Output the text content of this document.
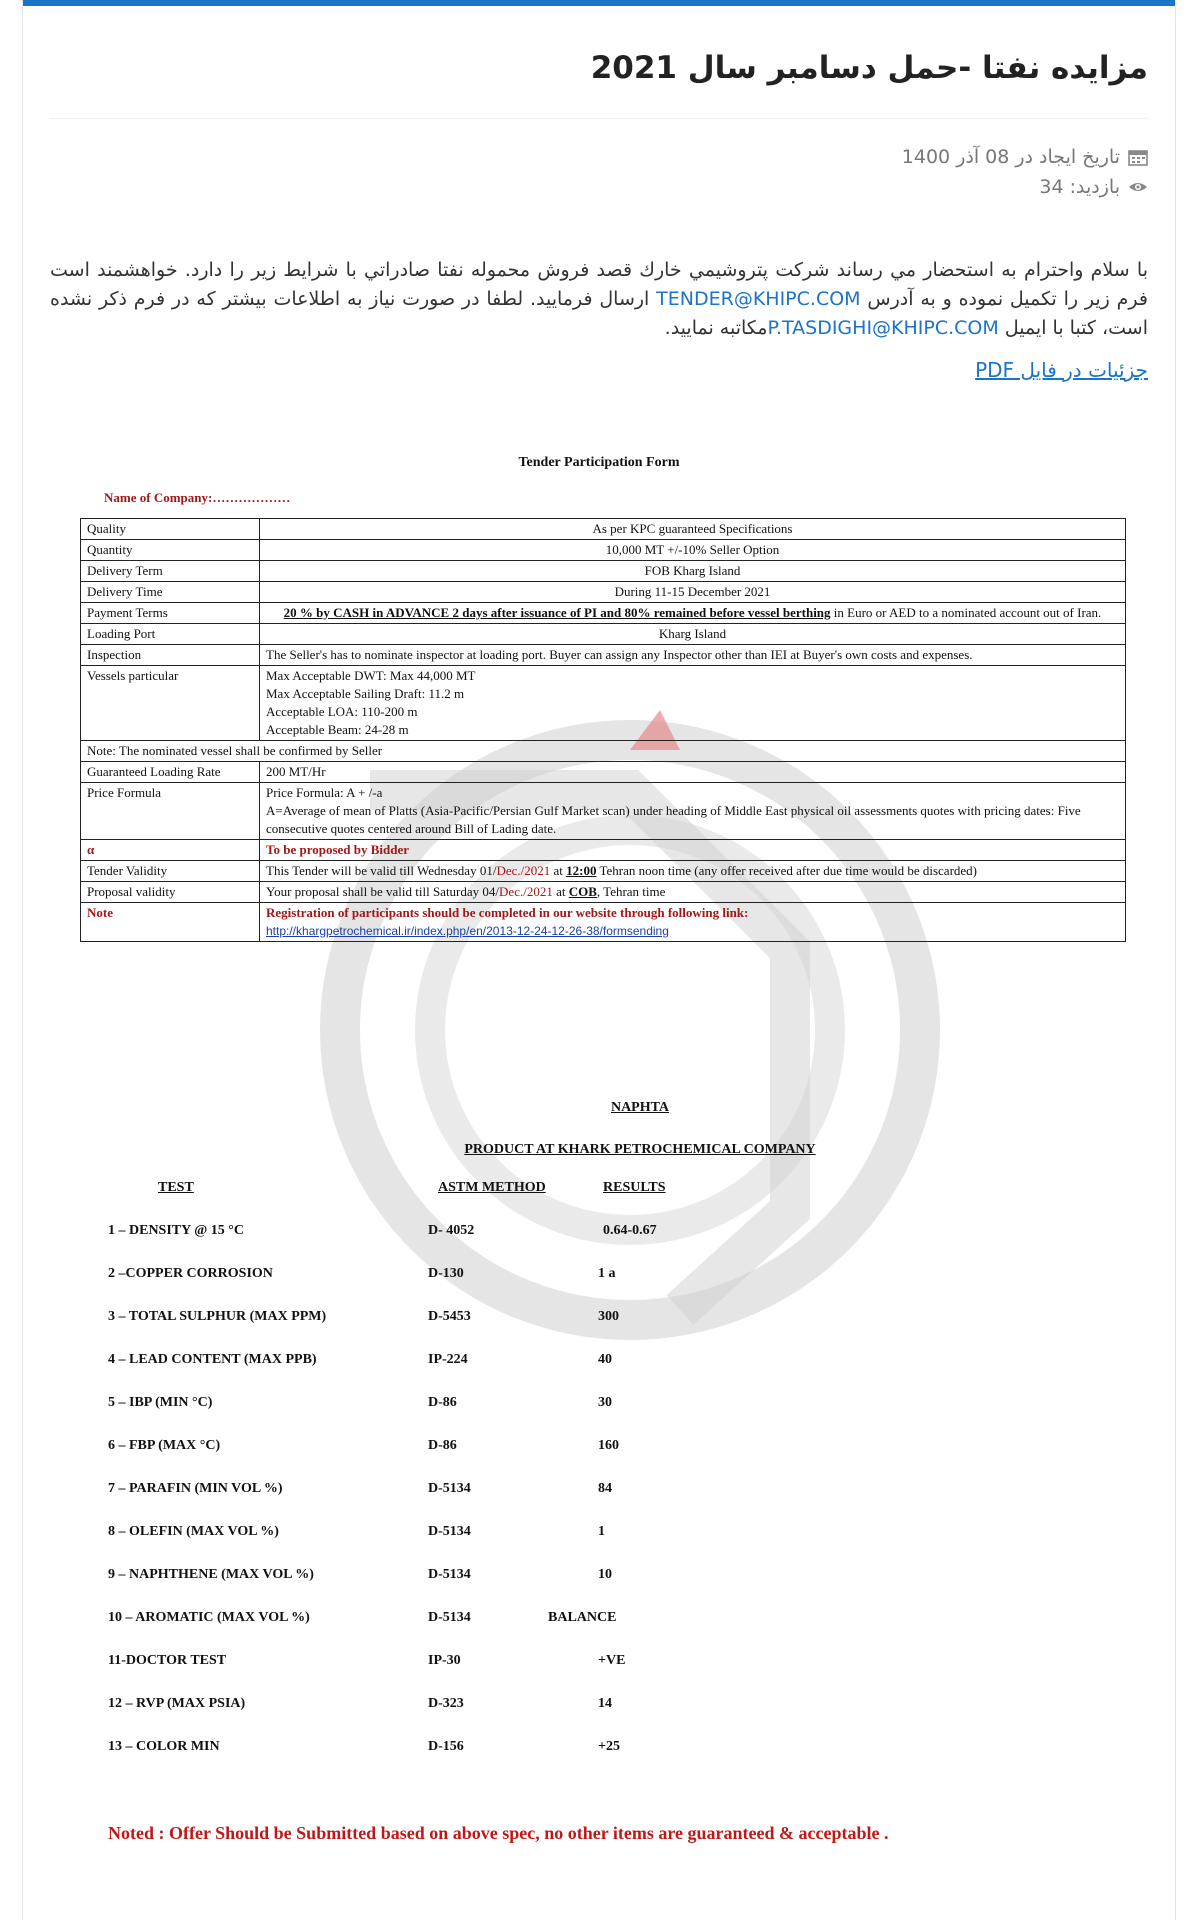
مزایده نفتا -حمل دسامبر سال 2021
تاریخ ایجاد در 08 آذر 1400
بازدید: 34
با سلام واحترام به استحضار مي رساند شركت پتروشيمي خارك قصد فروش محموله نفتا صادراتي با شرايط زير را دارد. خواهشمند است فرم زير را تكميل نموده و به آدرس TENDER@KHIPC.COM ارسال فرمایید. لطفا در صورت نیاز به اطلاعات بیشتر که در فرم ذکر نشده است، کتبا با ایمیل P.TASDIGHI@KHIPC.COMمکاتبه نمایید.
جزئیات در فایل PDF
Tender Participation Form
Name of Company:………………
Quality	As per KPC guaranteed Specifications
Quantity	10,000 MT +/-10% Seller Option
Delivery Term	FOB Kharg Island
Delivery Time	During 11-15 December 2021
Payment Terms	20 % by CASH in ADVANCE 2 days after issuance of PI and 80% remained before vessel berthing in Euro or AED to a nominated account out of Iran.
Loading Port	Kharg Island
Inspection	The Seller's has to nominate inspector at loading port. Buyer can assign any Inspector other than IEI at Buyer's own costs and expenses.
Vessels particular	Max Acceptable DWT: Max 44,000 MT
Max Acceptable Sailing Draft: 11.2 m
Acceptable LOA: 110-200 m
Acceptable Beam: 24-28 m

Note: The nominated vessel shall be confirmed by Seller	
Guaranteed Loading Rate	200 MT/Hr
Price Formula	Price Formula: A + /-a
A=Average of mean of Platts (Asia-Pacific/Persian Gulf Market scan) under heading of Middle East physical oil assessments quotes with pricing dates: Five consecutive quotes centered around Bill of Lading date.

α	To be proposed by Bidder
Tender Validity	This Tender will be valid till Wednesday 01/Dec./2021 at 12:00 Tehran noon time (any offer received after due time would be discarded)
Proposal validity	Your proposal shall be valid till Saturday 04/Dec./2021 at COB, Tehran time
Note	Registration of participants should be completed in our website through following link:
http://khargpetrochemical.ir/index.php/en/2013-12-24-12-26-38/formsending
NAPHTA
PRODUCT AT KHARK PETROCHEMICAL COMPANY
TEST	ASTM METHOD	RESULTS
1 – DENSITY @ 15 °C	D- 4052	0.64-0.67
2 –COPPER CORROSION	D-130	1 a
3 – TOTAL SULPHUR (MAX PPM)	D-5453	300
4 – LEAD CONTENT (MAX PPB)	IP-224	40
5 – IBP (MIN °C)	D-86	30
6 – FBP (MAX °C)	D-86	160
7 – PARAFIN (MIN VOL %)	D-5134	84
8 – OLEFIN (MAX VOL %)	D-5134	1
9 – NAPHTHENE (MAX VOL %)	D-5134	10
10 – AROMATIC (MAX VOL %)	D-5134	BALANCE
11-DOCTOR TEST	IP-30	+VE
12 – RVP (MAX PSIA)	D-323	14
13 – COLOR MIN	D-156	+25
Noted : Offer Should be Submitted based on above spec, no other items are guaranteed & acceptable .
